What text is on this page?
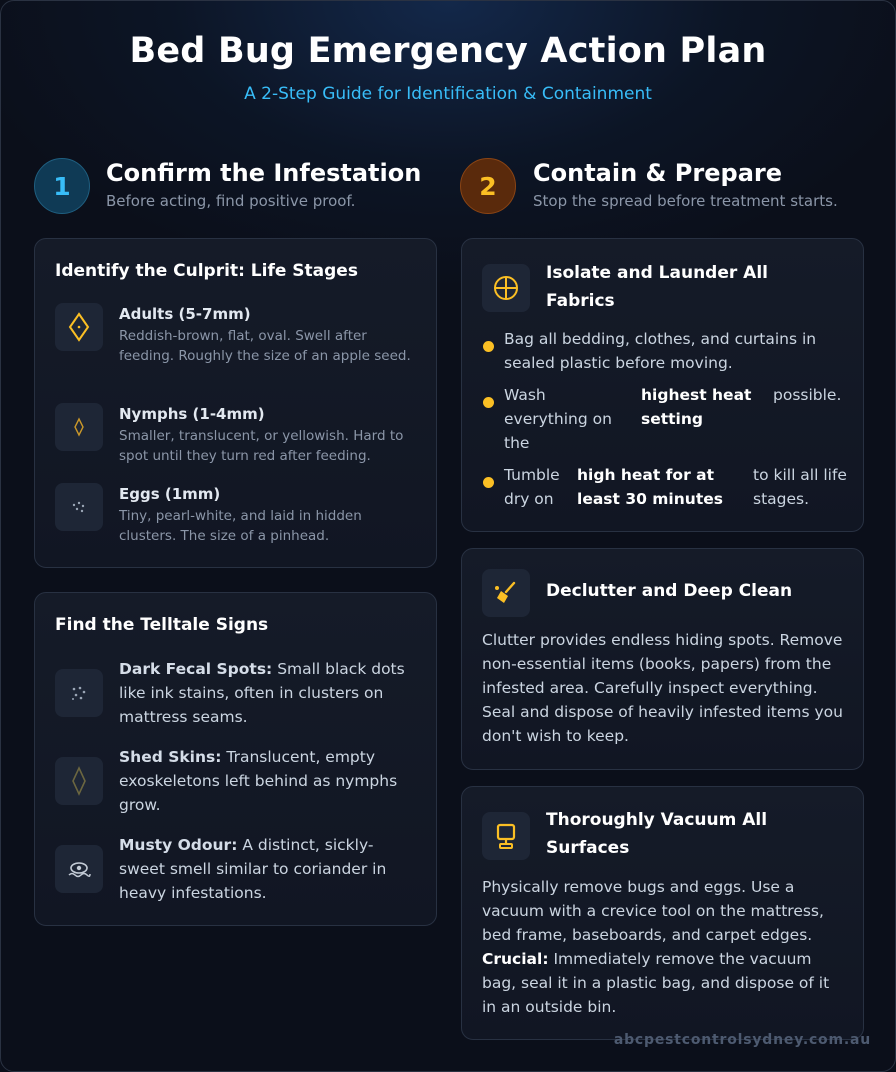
Bed Bug Emergency Action Plan
A 2-Step Guide for Identification & Containment
1	Confirm the Infestation
Before acting, find positive proof.
2	Contain & Prepare
Stop the spread before treatment starts.
Identify the Culprit: Life Stages
Adults (5-7mm)
Reddish-brown, flat, oval. Swell after feeding. Roughly the size of an apple seed.
Nymphs (1-4mm)
Smaller, translucent, or yellowish. Hard to spot until they turn red after feeding.
Eggs (1mm)
Tiny, pearl-white, and laid in hidden clusters. The size of a pinhead.
Find the Telltale Signs
Dark Fecal Spots: Small black dots like ink stains, often in clusters on mattress seams.
Shed Skins: Translucent, empty exoskeletons left behind as nymphs grow.
Musty Odour: A distinct, sickly-sweet smell similar to coriander in heavy infestations.
Isolate and Launder All Fabrics
Bag all bedding, clothes, and curtains in sealed plastic before moving.
Wash everything on the
highest heat setting
possible.
Tumble dry on
high heat for at least 30 minutes
to kill all life stages.
Declutter and Deep Clean
Clutter provides endless hiding spots. Remove non-essential items (books, papers) from the infested area. Carefully inspect everything. Seal and dispose of heavily infested items you don't wish to keep.
Thoroughly Vacuum All Surfaces
Physically remove bugs and eggs. Use a vacuum with a crevice tool on the mattress, bed frame, baseboards, and carpet edges. Crucial: Immediately remove the vacuum bag, seal it in a plastic bag, and dispose of it in an outside bin.
abcpestcontrolsydney.com.au
